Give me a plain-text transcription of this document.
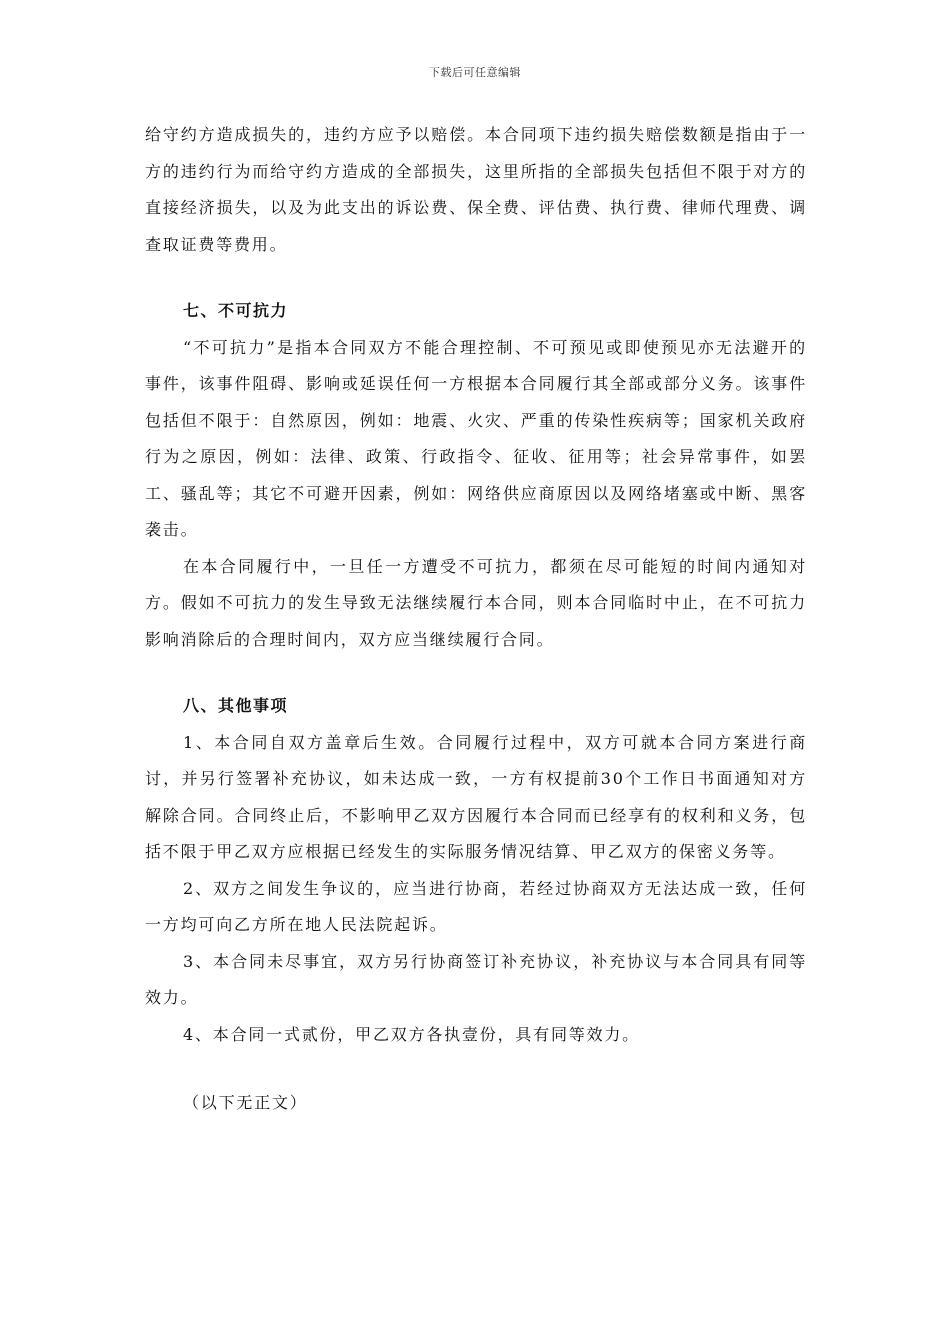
下载后可任意编辑

给守约方造成损失的，违约方应予以赔偿。本合同项下违约损失赔偿数额是指由于一方的违约行为而给守约方造成的全部损失，这里所指的全部损失包括但不限于对方的直接经济损失，以及为此支出的诉讼费、保全费、评估费、执行费、律师代理费、调查取证费等费用。

七、不可抗力

“不可抗力”是指本合同双方不能合理控制、不可预见或即使预见亦无法避开的事件，该事件阻碍、影响或延误任何一方根据本合同履行其全部或部分义务。该事件包括但不限于：自然原因，例如：地震、火灾、严重的传染性疾病等；国家机关政府行为之原因，例如：法律、政策、行政指令、征收、征用等；社会异常事件，如罢工、骚乱等；其它不可避开因素，例如：网络供应商原因以及网络堵塞或中断、黑客袭击。

在本合同履行中，一旦任一方遭受不可抗力，都须在尽可能短的时间内通知对方。假如不可抗力的发生导致无法继续履行本合同，则本合同临时中止，在不可抗力影响消除后的合理时间内，双方应当继续履行合同。

八、其他事项

1、本合同自双方盖章后生效。合同履行过程中，双方可就本合同方案进行商讨，并另行签署补充协议，如未达成一致，一方有权提前30个工作日书面通知对方解除合同。合同终止后，不影响甲乙双方因履行本合同而已经享有的权利和义务，包括不限于甲乙双方应根据已经发生的实际服务情况结算、甲乙双方的保密义务等。

2、双方之间发生争议的，应当进行协商，若经过协商双方无法达成一致，任何一方均可向乙方所在地人民法院起诉。

3、本合同未尽事宜，双方另行协商签订补充协议，补充协议与本合同具有同等效力。

4、本合同一式贰份，甲乙双方各执壹份，具有同等效力。

（以下无正文）
